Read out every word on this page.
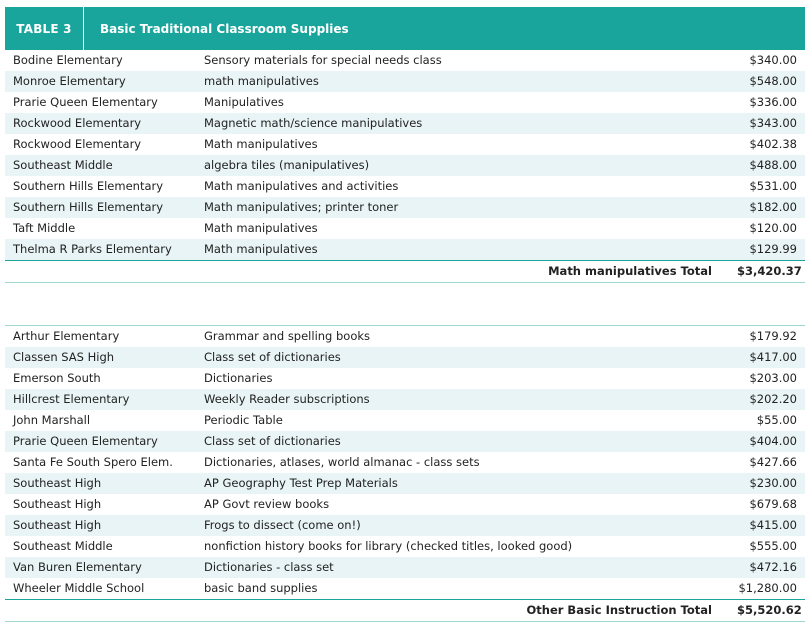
TABLE 3	Basic Traditional Classroom Supplies
Bodine Elementary	Sensory materials for special needs class	$340.00
Monroe Elementary	math manipulatives	$548.00
Prarie Queen Elementary	Manipulatives	$336.00
Rockwood Elementary	Magnetic math/science manipulatives	$343.00
Rockwood Elementary	Math manipulatives	$402.38
Southeast Middle	algebra tiles (manipulatives)	$488.00
Southern Hills Elementary	Math manipulatives and activities	$531.00
Southern Hills Elementary	Math manipulatives; printer toner	$182.00
Taft Middle	Math manipulatives	$120.00
Thelma R Parks Elementary	Math manipulatives	$129.99
Math manipulatives Total	$3,420.37
Arthur Elementary	Grammar and spelling books	$179.92
Classen SAS High	Class set of dictionaries	$417.00
Emerson South	Dictionaries	$203.00
Hillcrest Elementary	Weekly Reader subscriptions	$202.20
John Marshall	Periodic Table	$55.00
Prarie Queen Elementary	Class set of dictionaries	$404.00
Santa Fe South Spero Elem.	Dictionaries, atlases, world almanac - class sets	$427.66
Southeast High	AP Geography Test Prep Materials	$230.00
Southeast High	AP Govt review books	$679.68
Southeast High	Frogs to dissect (come on!)	$415.00
Southeast Middle	nonfiction history books for library (checked titles, looked good)	$555.00
Van Buren Elementary	Dictionaries - class set	$472.16
Wheeler Middle School	basic band supplies	$1,280.00
Other Basic Instruction Total	$5,520.62
